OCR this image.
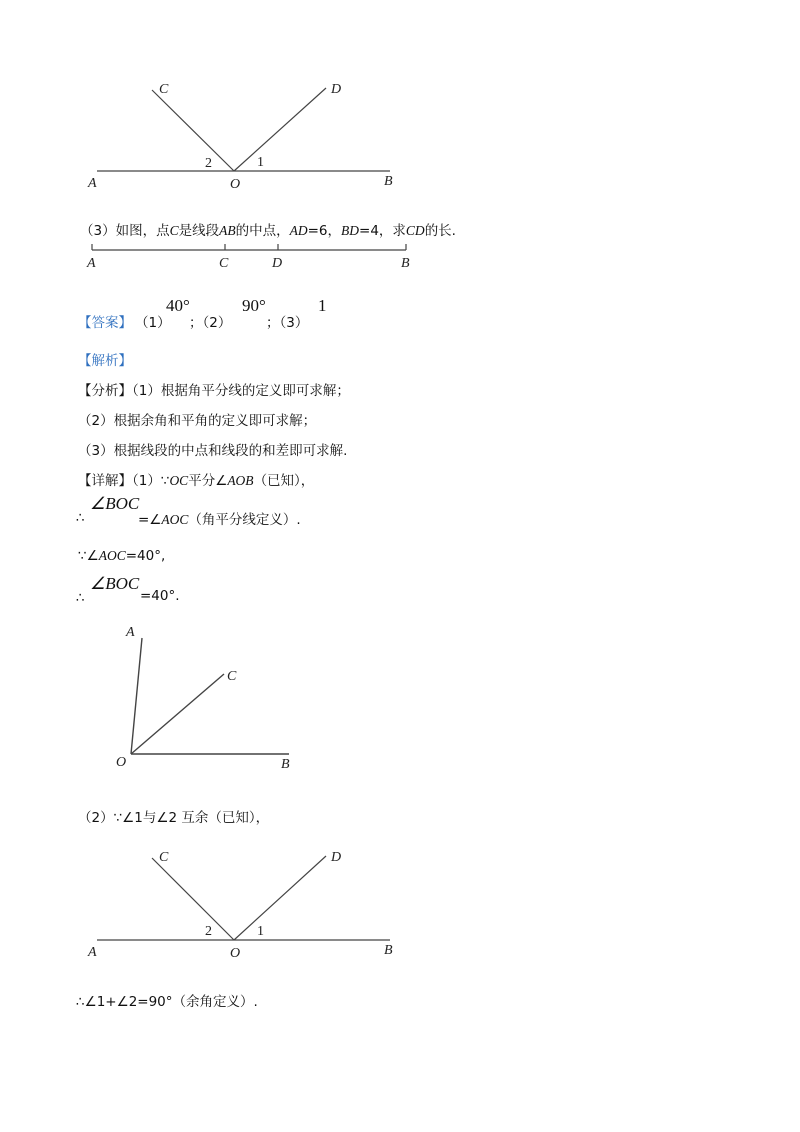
A	O	B
C	D
2	1
（3）如图，点C是线段AB的中点，AD=6，BD=4，求CD的长.
A	C	D	B
【答案】 （1）
40°
；（2）
90°
；（3）
1
【解析】
【分析】（1）根据角平分线的定义即可求解；
（2）根据余角和平角的定义即可求解；
（3）根据线段的中点和线段的和差即可求解.
【详解】（1）∵OC平分∠AOB（已知），
∴
∠BOC
=∠AOC（角平分线定义）.
∵∠AOC=40°,
∴
∠BOC
=40°.
A
C
O	B
（2）∵∠1与∠2 互余（已知），
A	O	B
C	D
2	1
∴∠1+∠2=90°（余角定义）.
